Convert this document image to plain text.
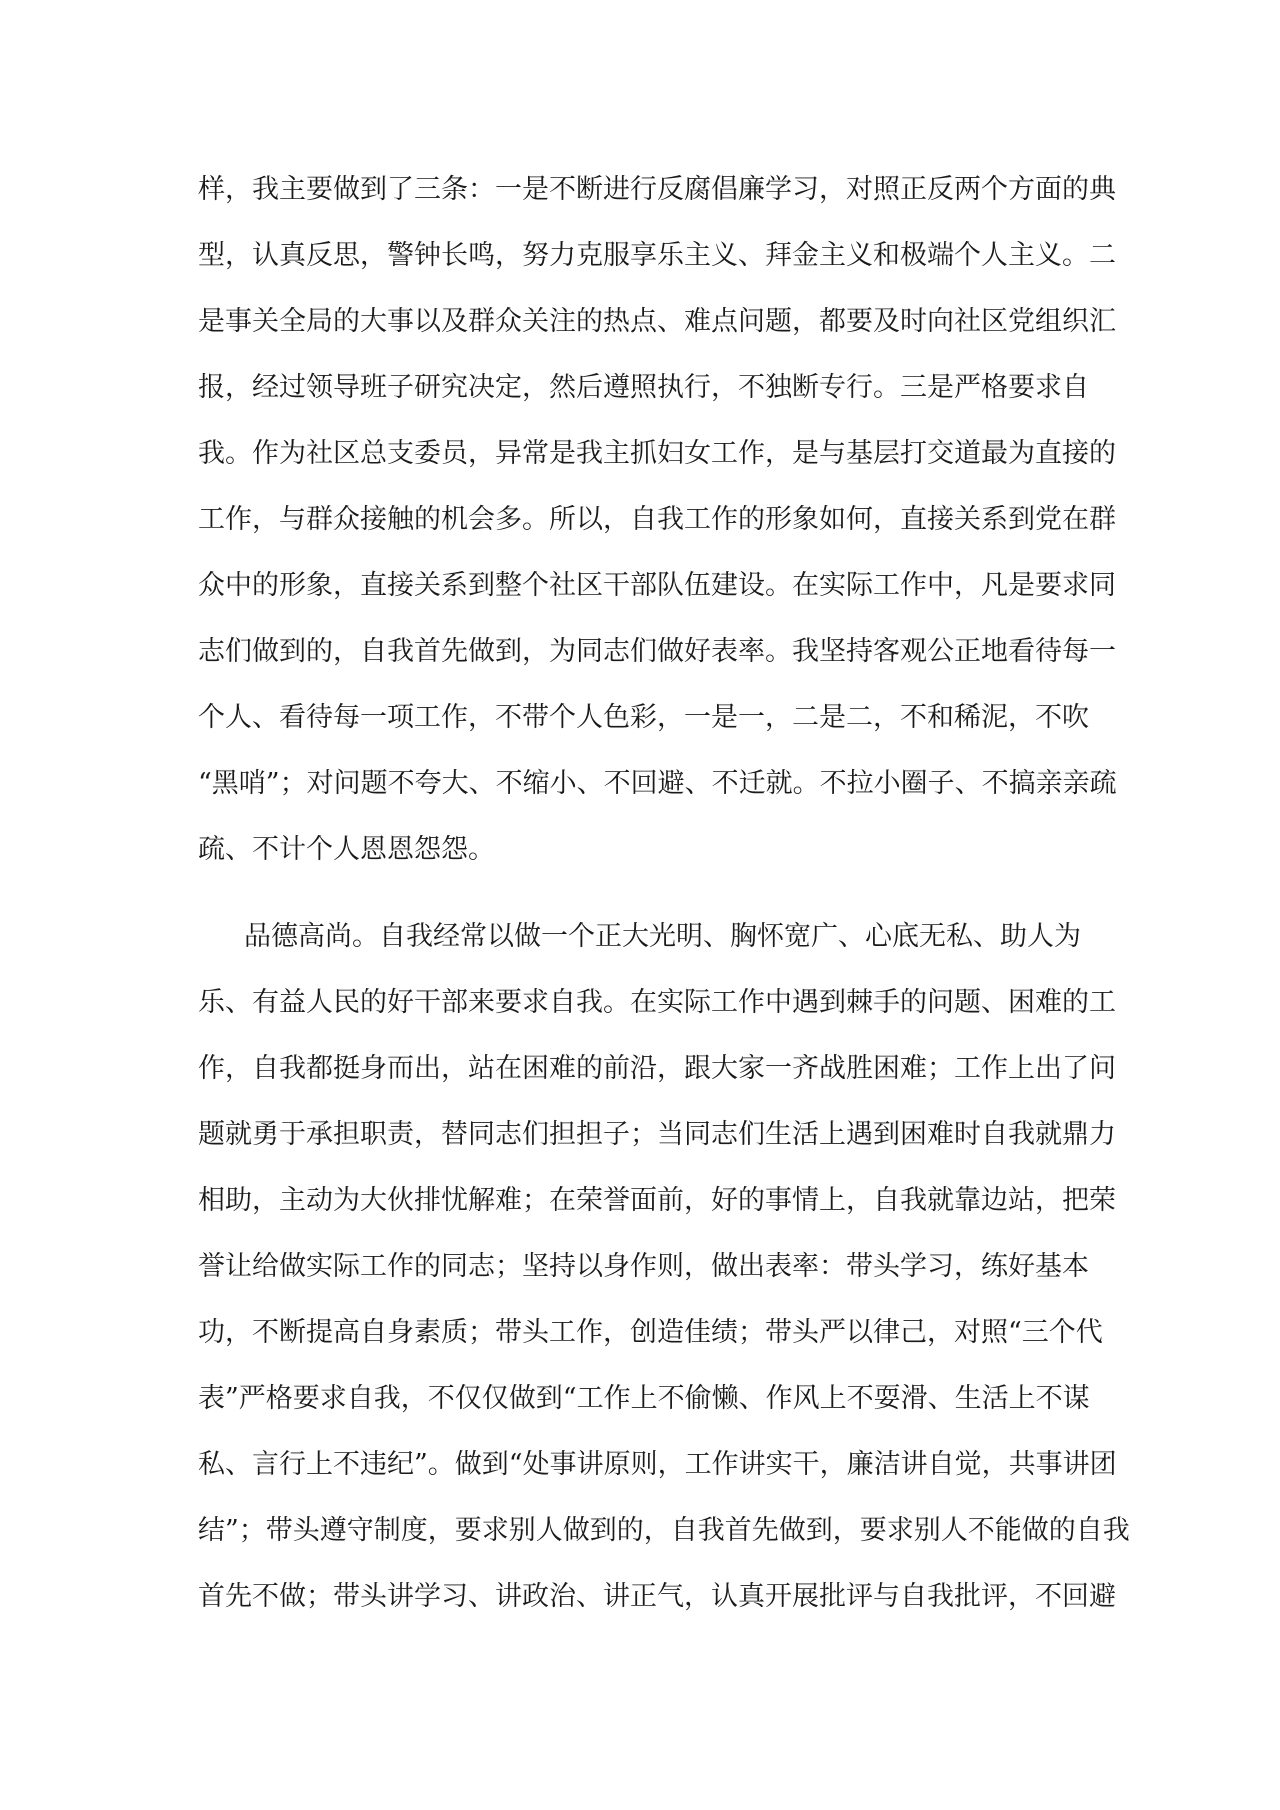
样，我主要做到了三条：一是不断进行反腐倡廉学习，对照正反两个方面的典
型，认真反思，警钟长鸣，努力克服享乐主义、拜金主义和极端个人主义。二
是事关全局的大事以及群众关注的热点、难点问题，都要及时向社区党组织汇
报，经过领导班子研究决定，然后遵照执行，不独断专行。三是严格要求自
我。作为社区总支委员，异常是我主抓妇女工作，是与基层打交道最为直接的
工作，与群众接触的机会多。所以，自我工作的形象如何，直接关系到党在群
众中的形象，直接关系到整个社区干部队伍建设。在实际工作中，凡是要求同
志们做到的，自我首先做到，为同志们做好表率。我坚持客观公正地看待每一
个人、看待每一项工作，不带个人色彩，一是一，二是二，不和稀泥，不吹
“黑哨”；对问题不夸大、不缩小、不回避、不迁就。不拉小圈子、不搞亲亲疏
疏、不计个人恩恩怨怨。
品德高尚。自我经常以做一个正大光明、胸怀宽广、心底无私、助人为
乐、有益人民的好干部来要求自我。在实际工作中遇到棘手的问题、困难的工
作，自我都挺身而出，站在困难的前沿，跟大家一齐战胜困难；工作上出了问
题就勇于承担职责，替同志们担担子；当同志们生活上遇到困难时自我就鼎力
相助，主动为大伙排忧解难；在荣誉面前，好的事情上，自我就靠边站，把荣
誉让给做实际工作的同志；坚持以身作则，做出表率：带头学习，练好基本
功，不断提高自身素质；带头工作，创造佳绩；带头严以律己，对照“三个代
表”严格要求自我，不仅仅做到“工作上不偷懒、作风上不耍滑、生活上不谋
私、言行上不违纪”。做到“处事讲原则，工作讲实干，廉洁讲自觉，共事讲团
结”；带头遵守制度，要求别人做到的，自我首先做到，要求别人不能做的自我
首先不做；带头讲学习、讲政治、讲正气，认真开展批评与自我批评，不回避
